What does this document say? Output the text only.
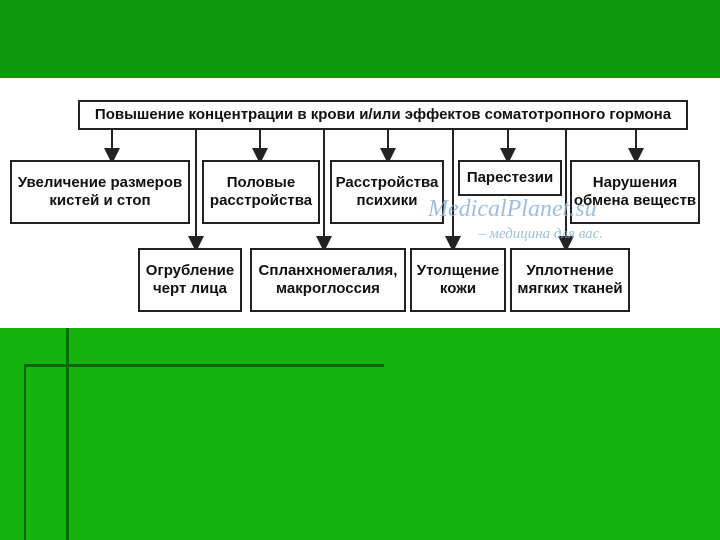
Повышение концентрации в крови и/или эффектов соматотропного гормона
Увеличение размеров
кистей и стоп
Половые
расстройства
Расстройства
психики
Парестезии	Нарушения
обмена веществ
Огрубление
черт лица
Спланхномегалия,
макроглоссия
Утолщение
кожи
Уплотнение
мягких тканей
MedicalPlanet.su
– медицина для вас.
